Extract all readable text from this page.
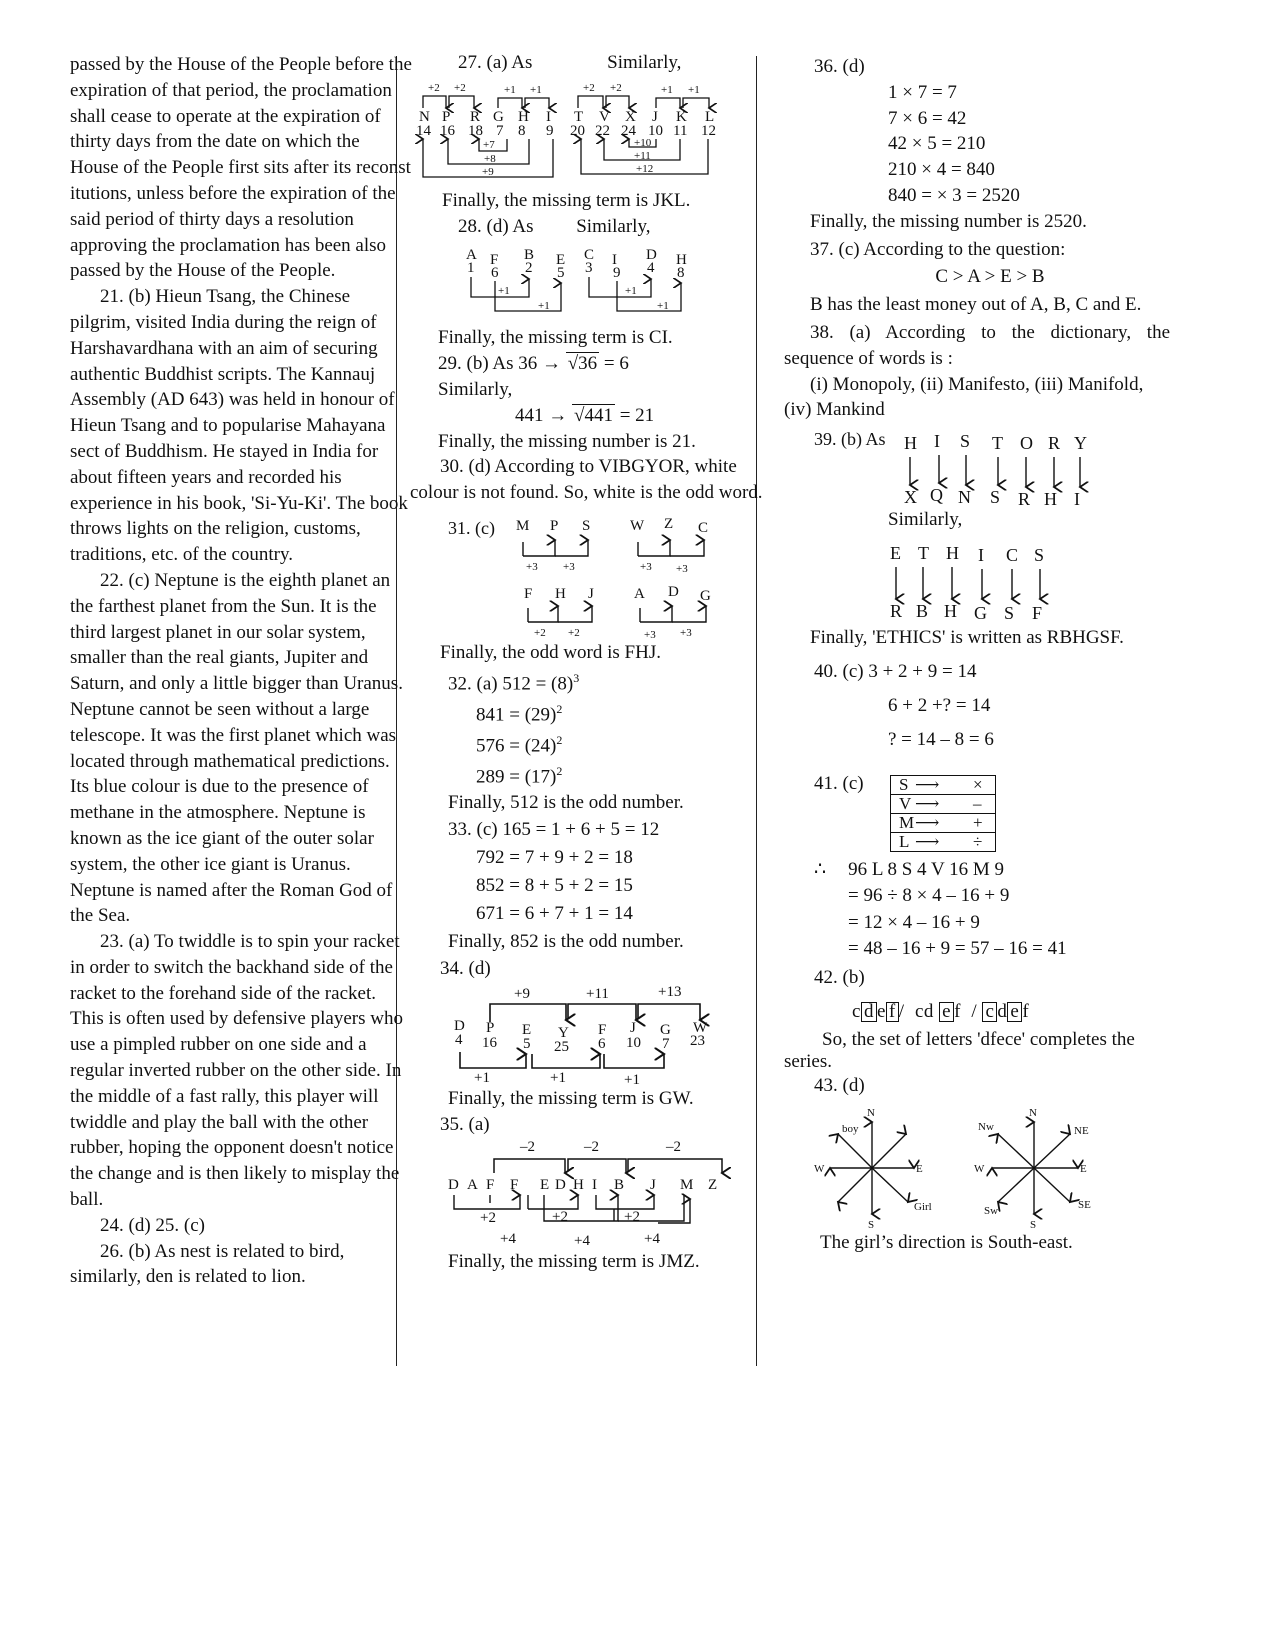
passed by the House of the People before the expiration of that period, the proclamation shall cease to operate at the expiration of thirty days from the date on which the House of the People first sits after its reconst itutions, unless before the expiration of the said period of thirty days a resolution approving the proclamation has been also passed by the House of the People.

21. (b) Hieun Tsang, the Chinese pilgrim, visited India during the reign of Harshavardhana with an aim of securing authentic Buddhist scripts. The Kannauj Assembly (AD 643) was held in honour of Hieun Tsang and to popularise Mahayana sect of Buddhism. He stayed in India for about fifteen years and recorded his experience in his book, 'Si-Yu-Ki'. The book throws lights on the religion, customs, traditions, etc. of the country.

22. (c) Neptune is the eighth planet an the farthest planet from the Sun. It is the third largest planet in our solar system, smaller than the real giants, Jupiter and Saturn, and only a little bigger than Uranus. Neptune cannot be seen without a large telescope. It was the first planet which was located through mathematical predictions. Its blue colour is due to the presence of methane in the atmosphere. Neptune is known as the ice giant of the outer solar system, the other ice giant is Uranus. Neptune is named after the Roman God of the Sea.

23. (a) To twiddle is to spin your racket in order to switch the backhand side of the racket to the forehand side of the racket. This is often used by defensive players who use a pimpled rubber on one side and a regular inverted rubber on the other side. In the middle of a fast rally, this player will twiddle and play the ball with the other rubber, hoping the opponent doesn't notice the change and is then likely to misplay the ball.

24. (d) 25. (c)

26. (b) As nest is related to bird, similarly, den is related to lion.

27. (a) As	Similarly,

N P R G H I
14 16 18 7 8 9
+2 +2	+1 +1
+7
+8
+9
T V X J K L
20 22 24 10 11 12
+2 +2	+1 +1
+10
+11
+12

Finally, the missing term is JKL.

28. (d) As Similarly,

A F B E C I D H
1 6 2 5 3 9 4 8
+1
+1
+1
+1

Finally, the missing term is CI.

29. (b) As 36 → √36 = 6

Similarly,

441 → √441 = 21

Finally, the missing number is 21.

30. (d) According to VIBGYOR, white colour is not found. So, white is the odd word.

31. (c) M P S
+3 +3
W Z C
+3 +3
F H J
+2 +2
A D G
+3 +3

Finally, the odd word is FHJ.

32. (a) $512 = (8)^3$

$841 = (29)^2$

$576 = (24)^2$

$289 = (17)^2$

Finally, 512 is the odd number.

33. (c) 165 = 1 + 6 + 5 = 12

792 = 7 + 9 + 2 = 18

852 = 8 + 5 + 2 = 15

671 = 6 + 7 + 1 = 14

Finally, 852 is the odd number.

34. (d)

+9	+11	+13
D P E Y F J G W
4 16 5 25 6 10 7 23
+1	+1	+1

Finally, the missing term is GW.

35. (a)

–2	–2	–2
D A F F E D H I B J M Z
+2	+2	+2
+4	+4	+4

Finally, the missing term is JMZ.

36. (d)

1 × 7 = 7

7 × 6 = 42

42 × 5 = 210

210 × 4 = 840

840 = × 3 = 2520

Finally, the missing number is 2520.

37. (c) According to the question:

C > A > E > B

B has the least money out of A, B, C and E.

38. (a) According to the dictionary, the sequence of words is :

(i) Monopoly, (ii) Manifesto, (iii) Manifold, (iv) Mankind

39. (b) As H I S T O R Y
X Q N S R H I

Similarly,

E T H I C S
R B H G S F

Finally, 'ETHICS' is written as RBHGSF.

40. (c) 3 + 2 + 9 = 14

6 + 2 +? = 14

? = 14 – 8 = 6

41. (c) S ⟶	×
V ⟶	–
M ⟶	+
L ⟶	÷

∴ 96 L 8 S 4 V 16 M 9

= 96 ÷ 8 × 4 – 16 + 9

= 12 × 4 – 16 + 9

= 48 – 16 + 9 = 57 – 16 = 41

42. (b)

c d e f /  cd e f  / c d e f

So, the set of letters 'dfece' completes the series.

43. (d)

N
S
E
W
boy
Girl
N
S
E
W
NE
Nw
SE
Sw

The girl’s direction is South-east.
